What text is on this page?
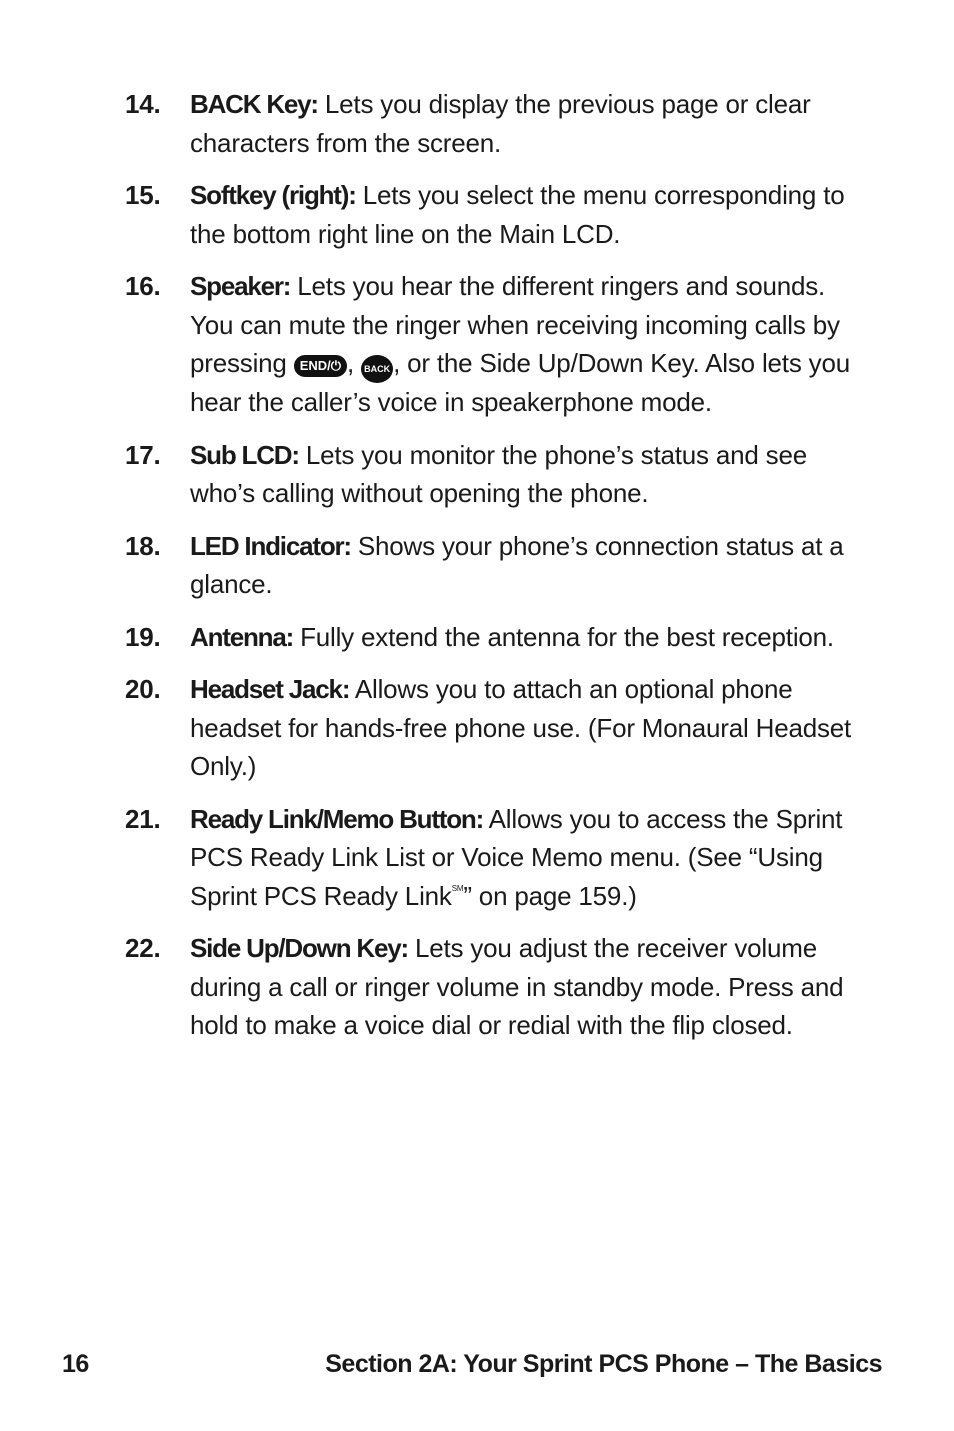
14. BACK Key: Lets you display the previous page or clear characters from the screen.
15. Softkey (right): Lets you select the menu corresponding to the bottom right line on the Main LCD.
16. Speaker: Lets you hear the different ringers and sounds. You can mute the ringer when receiving incoming calls by pressing END/⏻ , BACK , or the Side Up/Down Key. Also lets you hear the caller’s voice in speakerphone mode.
17. Sub LCD: Lets you monitor the phone’s status and see who’s calling without opening the phone.
18. LED Indicator: Shows your phone’s connection status at a glance.
19. Antenna: Fully extend the antenna for the best reception.
20. Headset Jack: Allows you to attach an optional phone headset for hands-free phone use. (For Monaural Headset Only.)
21. Ready Link/Memo Button: Allows you to access the Sprint PCS Ready Link List or Voice Memo menu. (See “Using Sprint PCS Ready Link℠” on page 159.)
22. Side Up/Down Key: Lets you adjust the receiver volume during a call or ringer volume in standby mode. Press and hold to make a voice dial or redial with the flip closed.
16	Section 2A: Your Sprint PCS Phone – The Basics
